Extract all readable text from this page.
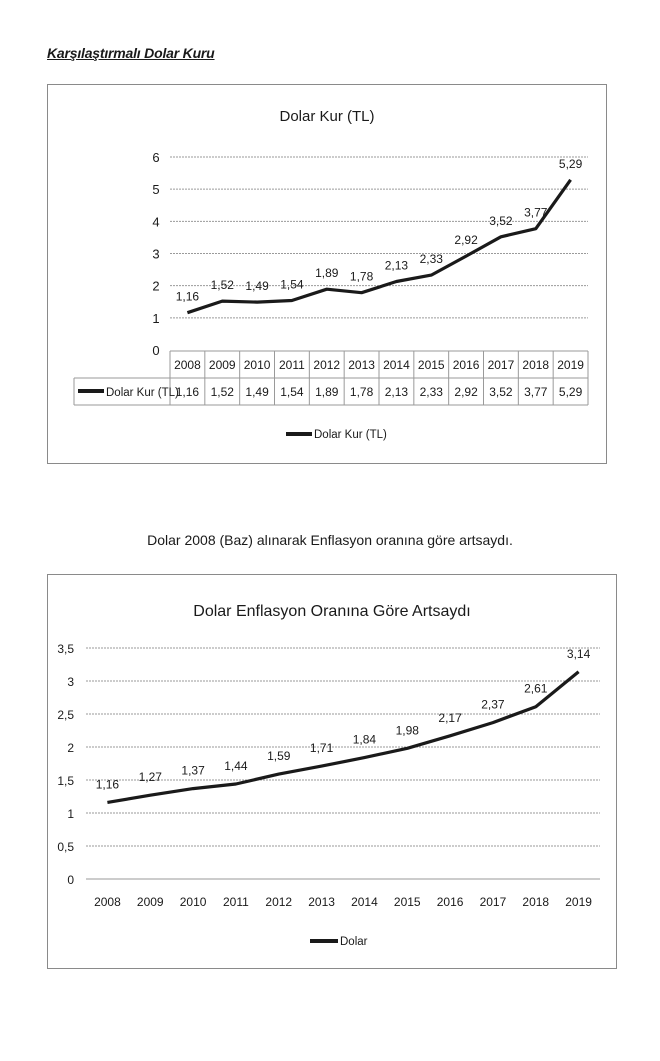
Karşılaştırmalı Dolar Kuru
Dolar Kur (TL)
0
1
2
3
4
5
6
2008 2009 2010 2011 2012 2013 2014 2015 2016 2017 2018 2019
1,16 1,52 1,49 1,54 1,89 1,78 2,13 2,33 2,92 3,52 3,77 5,29
Dolar Kur (TL)
1,16
1,52 1,49 1,54
1,89 1,78
2,13 2,33
2,92
3,52
3,77
5,29
Dolar Kur (TL)
Dolar 2008 (Baz) alınarak Enflasyon oranına göre artsaydı.
Dolar Enflasyon Oranına Göre Artsaydı
0
0,5
1
1,5
2
2,5
3
3,5
2008 2009 2010 2011 2012 2013 2014 2015 2016 2017 2018 2019
1,16
1,27 1,37 1,44
1,59
1,71
1,84
1,98
2,17
2,37
2,61
3,14
Dolar
